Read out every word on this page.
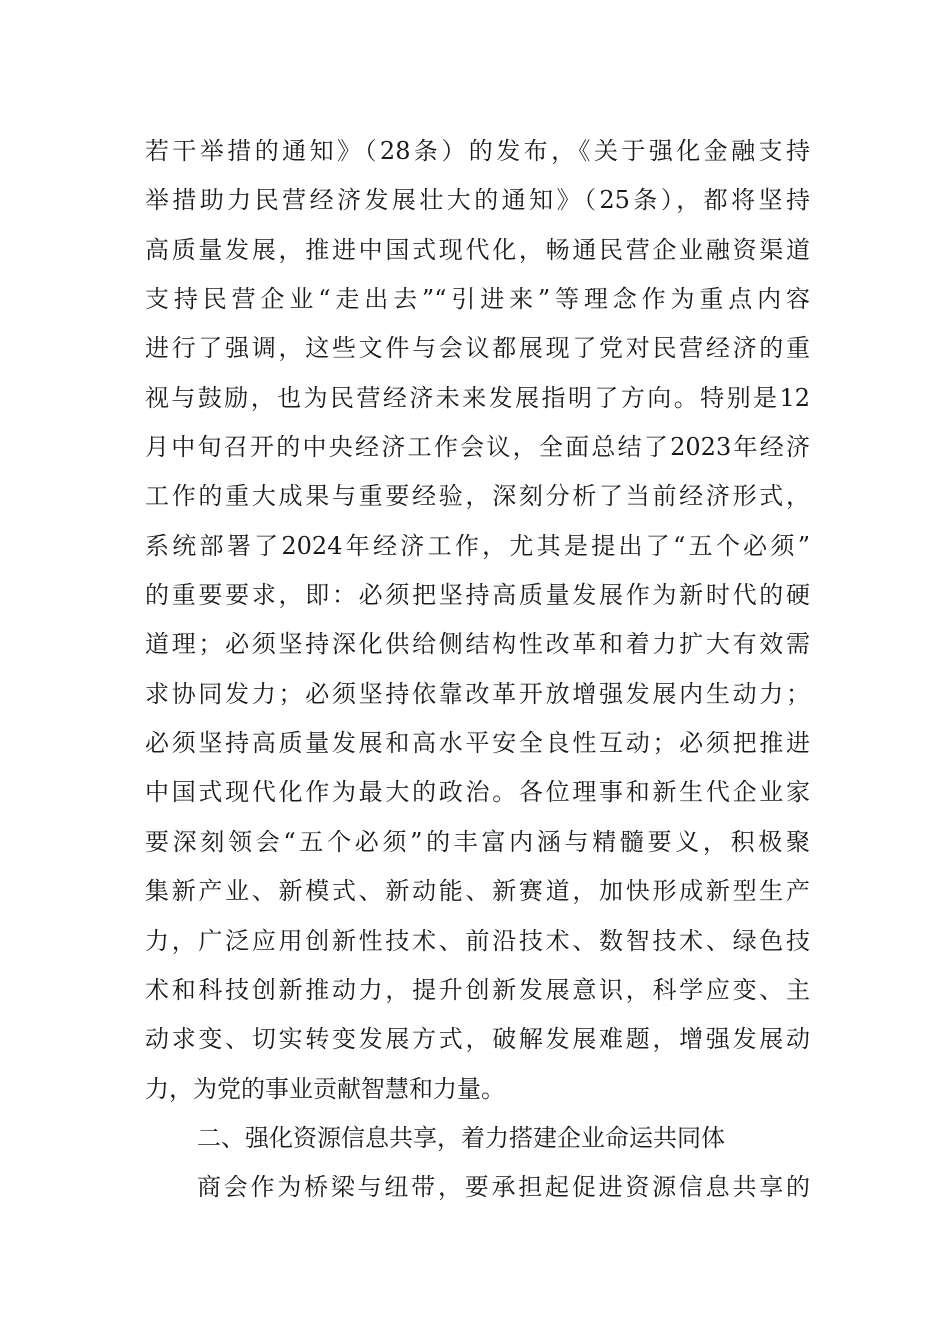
若干举措的通知》（28条）的发布，《关于强化金融支持
举措助力民营经济发展壮大的通知》（25条），都将坚持
高质量发展，推进中国式现代化，畅通民营企业融资渠道
支持民营企业“走出去”“引进来”等理念作为重点内容
进行了强调，这些文件与会议都展现了党对民营经济的重
视与鼓励，也为民营经济未来发展指明了方向。特别是12
月中旬召开的中央经济工作会议，全面总结了2023年经济
工作的重大成果与重要经验，深刻分析了当前经济形式，
系统部署了2024年经济工作，尤其是提出了“五个必须”
的重要要求，即：必须把坚持高质量发展作为新时代的硬
道理；必须坚持深化供给侧结构性改革和着力扩大有效需
求协同发力；必须坚持依靠改革开放增强发展内生动力；
必须坚持高质量发展和高水平安全良性互动；必须把推进
中国式现代化作为最大的政治。各位理事和新生代企业家
要深刻领会“五个必须”的丰富内涵与精髓要义，积极聚
集新产业、新模式、新动能、新赛道，加快形成新型生产
力，广泛应用创新性技术、前沿技术、数智技术、绿色技
术和科技创新推动力，提升创新发展意识，科学应变、主
动求变、切实转变发展方式，破解发展难题，增强发展动
力，为党的事业贡献智慧和力量。
二、强化资源信息共享，着力搭建企业命运共同体
商会作为桥梁与纽带，要承担起促进资源信息共享的
